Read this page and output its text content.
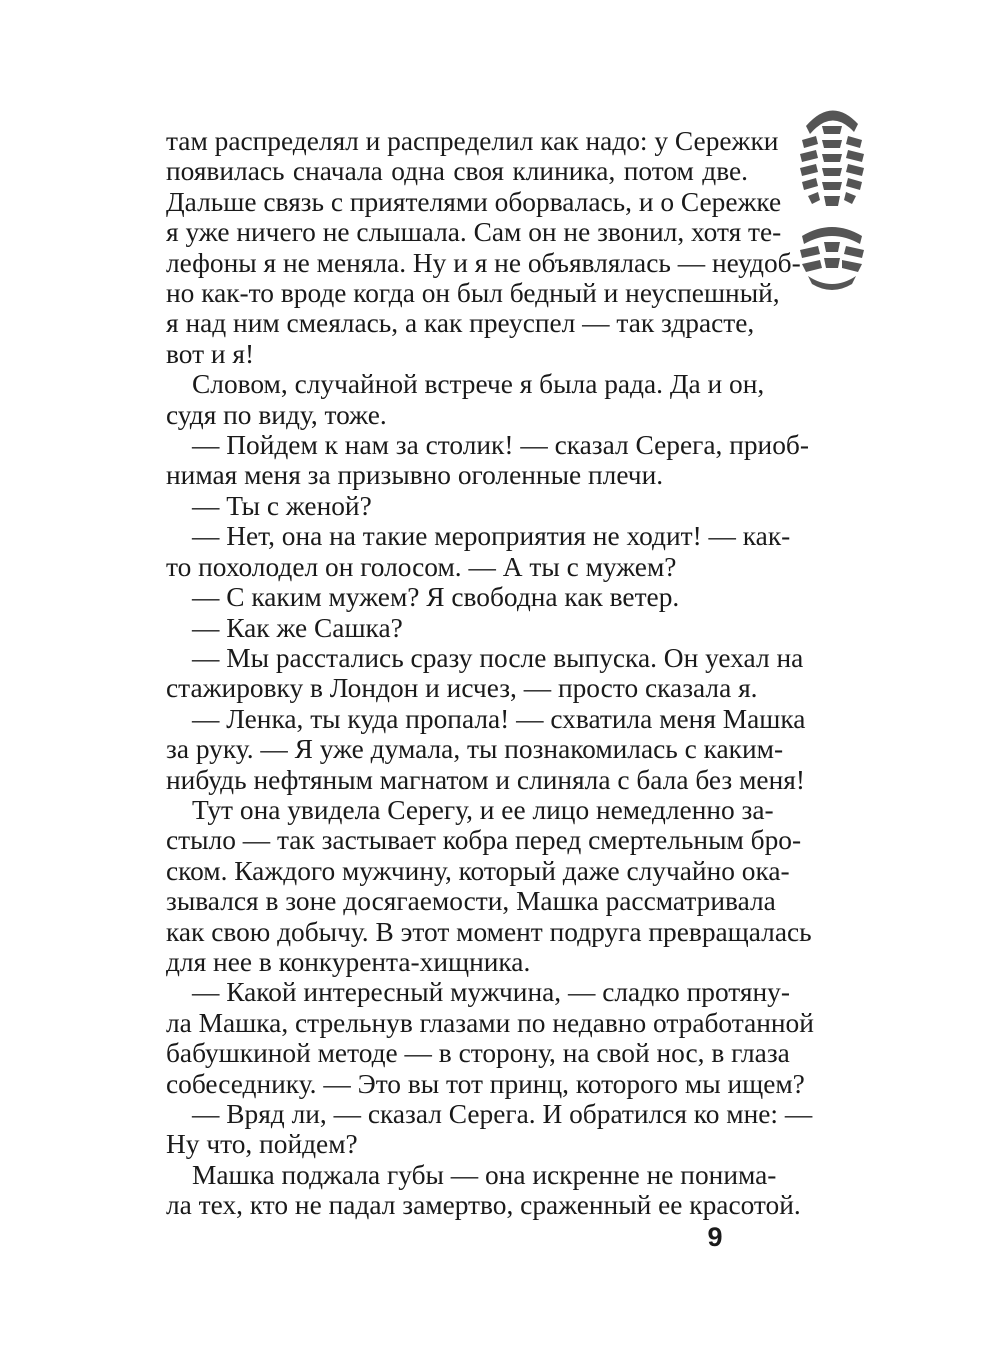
там распределял и распределил как надо: у Сережки
появилась сначала одна своя клиника, потом две.
Дальше связь с приятелями оборвалась, и о Сережке
я уже ничего не слышала. Сам он не звонил, хотя те-
лефоны я не меняла. Ну и я не объявлялась — неудоб-
но как-то вроде когда он был бедный и неуспешный,
я над ним смеялась, а как преуспел — так здрасте,
вот и я!
Словом, случайной встрече я была рада. Да и он,
судя по виду, тоже.
— Пойдем к нам за столик! — сказал Серега, приоб-
нимая меня за призывно оголенные плечи.
— Ты с женой?
— Нет, она на такие мероприятия не ходит! — как-
то похолодел он голосом. — А ты с мужем?
— С каким мужем? Я свободна как ветер.
— Как же Сашка?
— Мы расстались сразу после выпуска. Он уехал на
стажировку в Лондон и исчез, — просто сказала я.
— Ленка, ты куда пропала! — схватила меня Машка
за руку. — Я уже думала, ты познакомилась с каким-
нибудь нефтяным магнатом и слиняла с бала без меня!
Тут она увидела Серегу, и ее лицо немедленно за-
стыло — так застывает кобра перед смертельным бро-
ском. Каждого мужчину, который даже случайно ока-
зывался в зоне досягаемости, Машка рассматривала
как свою добычу. В этот момент подруга превращалась
для нее в конкурента-хищника.
— Какой интересный мужчина, — сладко протяну-
ла Машка, стрельнув глазами по недавно отработанной
бабушкиной методе — в сторону, на свой нос, в глаза
собеседнику. — Это вы тот принц, которого мы ищем?
— Вряд ли, — сказал Серега. И обратился ко мне: —
Ну что, пойдем?
Машка поджала губы — она искренне не понима-
ла тех, кто не падал замертво, сраженный ее красотой.
9
